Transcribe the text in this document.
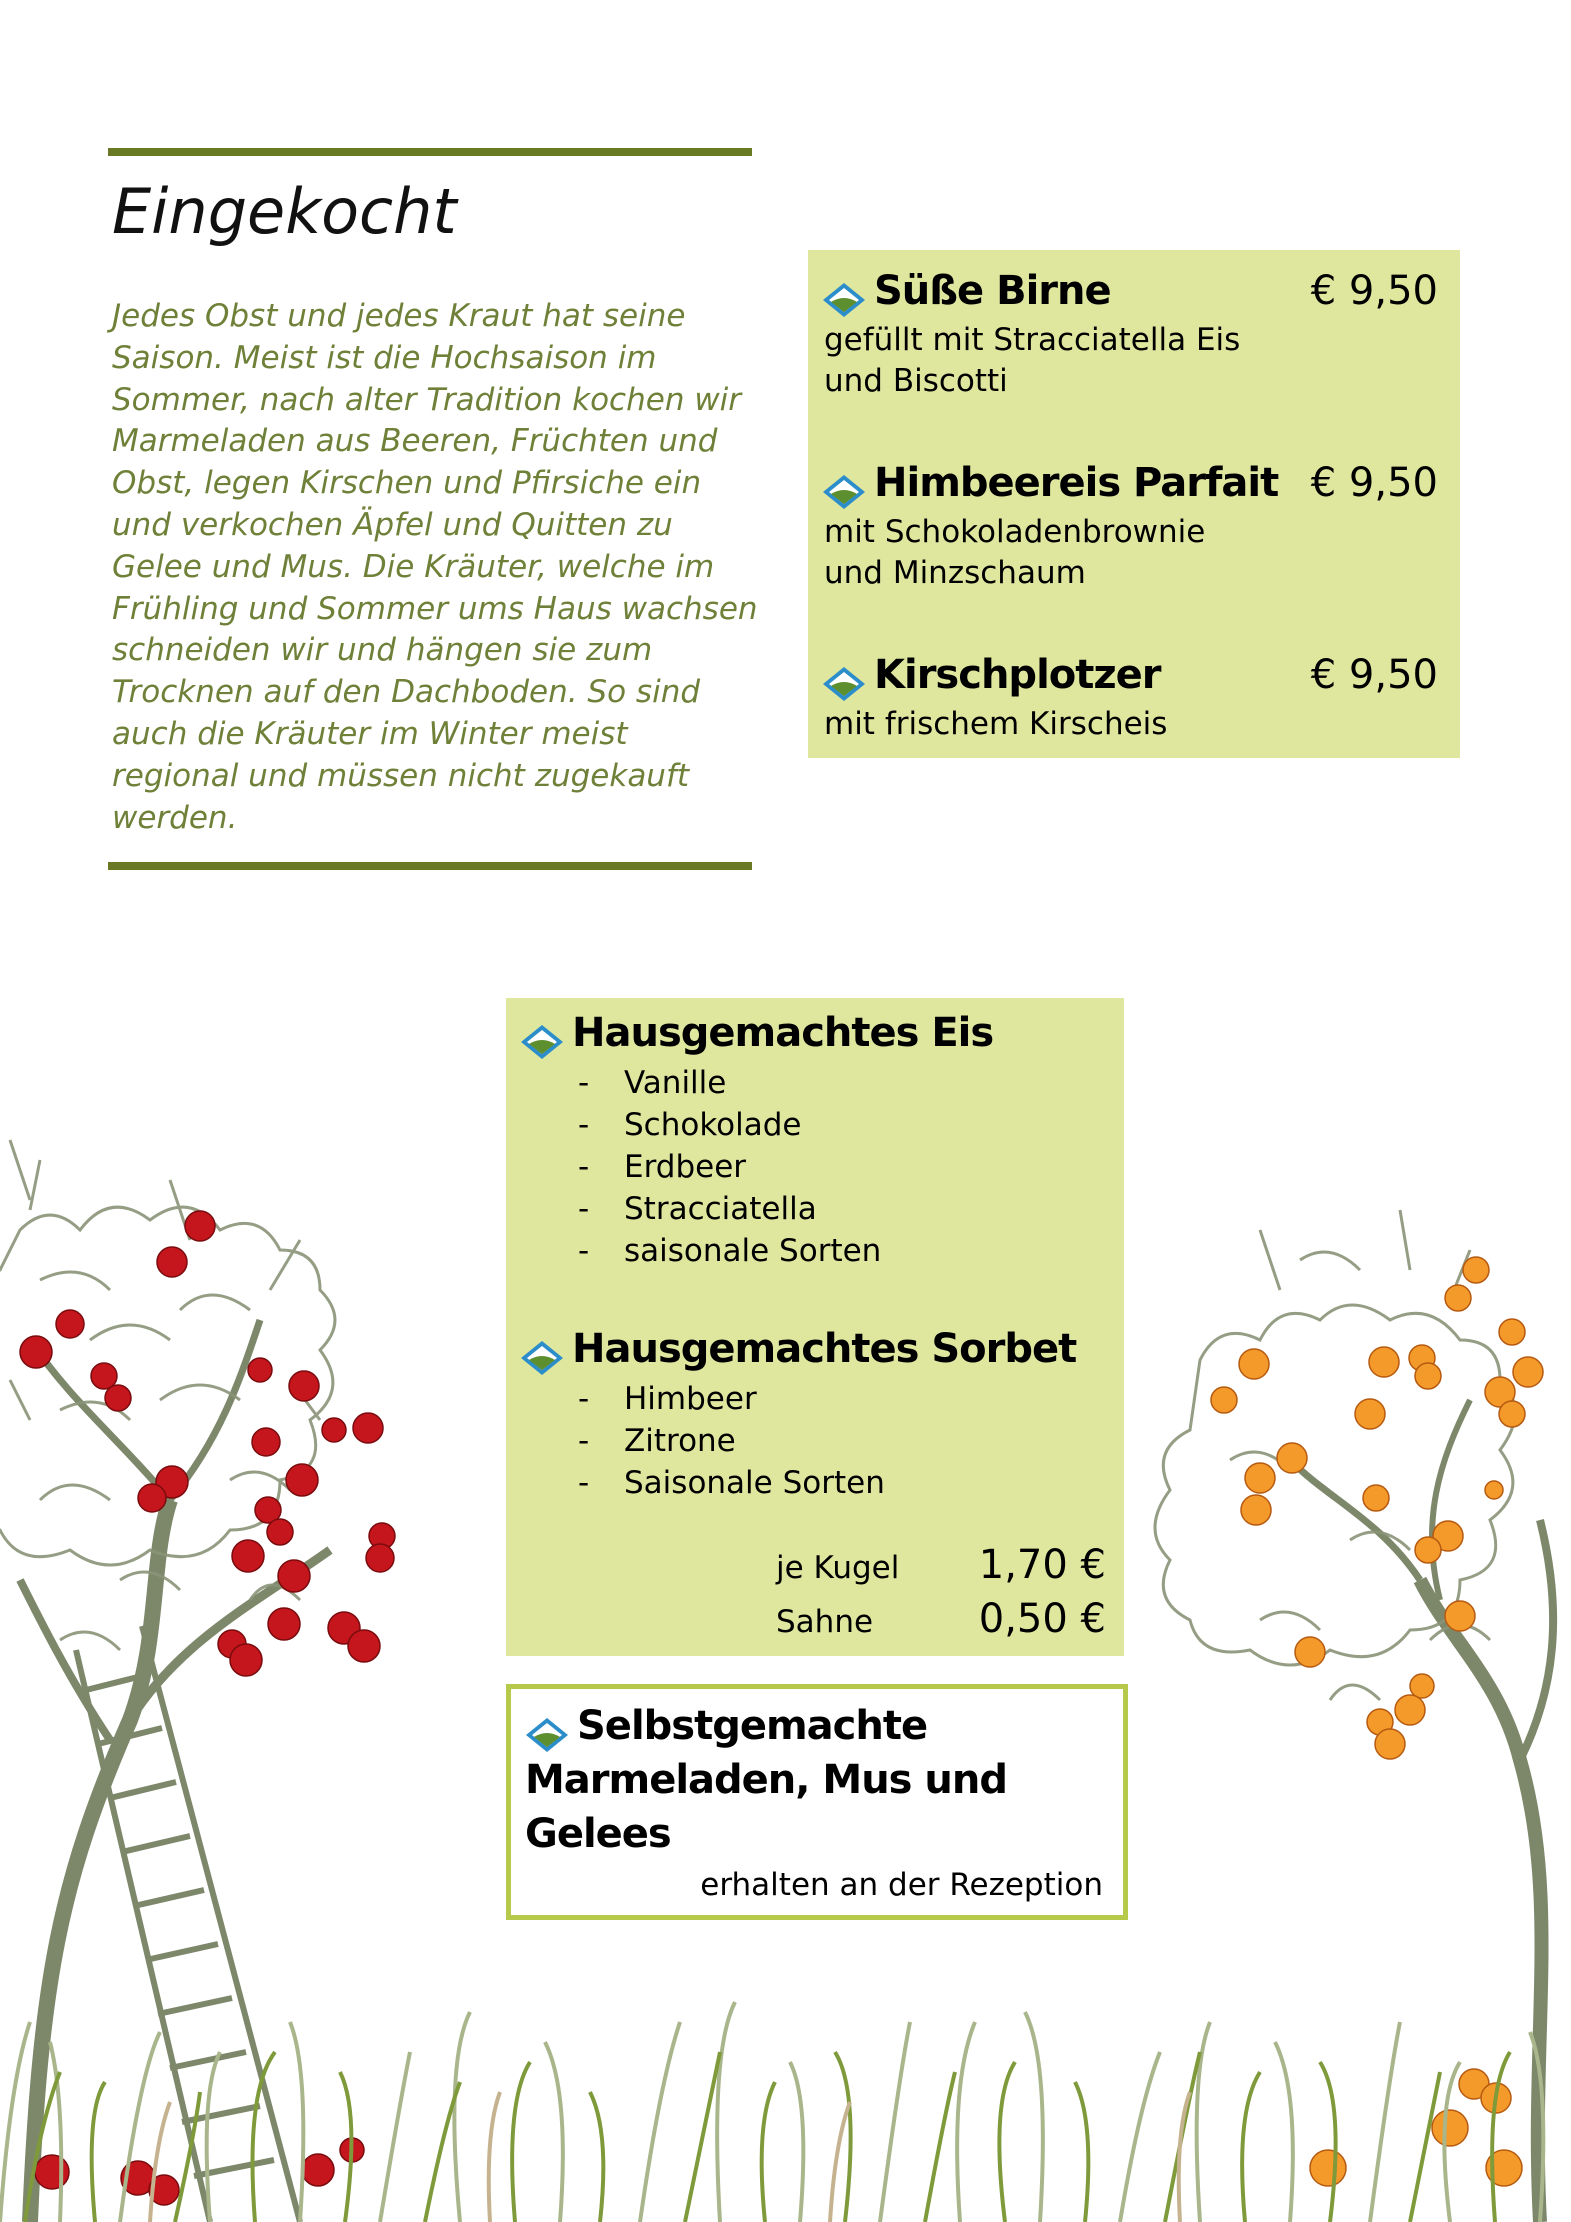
Eingekocht
Jedes Obst und jedes Kraut hat seine Saison. Meist ist die Hochsaison im Sommer, nach alter Tradition kochen wir Marmeladen aus Beeren, Früchten und Obst, legen Kirschen und Pfirsiche ein und verkochen Äpfel und Quitten zu Gelee und Mus. Die Kräuter, welche im Frühling und Sommer ums Haus wachsen schneiden wir und hängen sie zum Trocknen auf den Dachboden. So sind auch die Kräuter im Winter meist regional und müssen nicht zugekauft werden.
Süße Birne	€ 9,50
gefüllt mit Stracciatella Eis
und Biscotti
Himbeereis Parfait € 9,50
mit Schokoladenbrownie
und Minzschaum
Kirschplotzer	€ 9,50
mit frischem Kirscheis
Hausgemachtes Eis
- Vanille
- Schokolade
- Erdbeer
- Stracciatella
- saisonale Sorten
Hausgemachtes Sorbet
- Himbeer
- Zitrone
- Saisonale Sorten
je Kugel 1,70 €
Sahne	0,50 €
Selbstgemachte
Marmeladen, Mus und
Gelees
erhalten an der Rezeption
